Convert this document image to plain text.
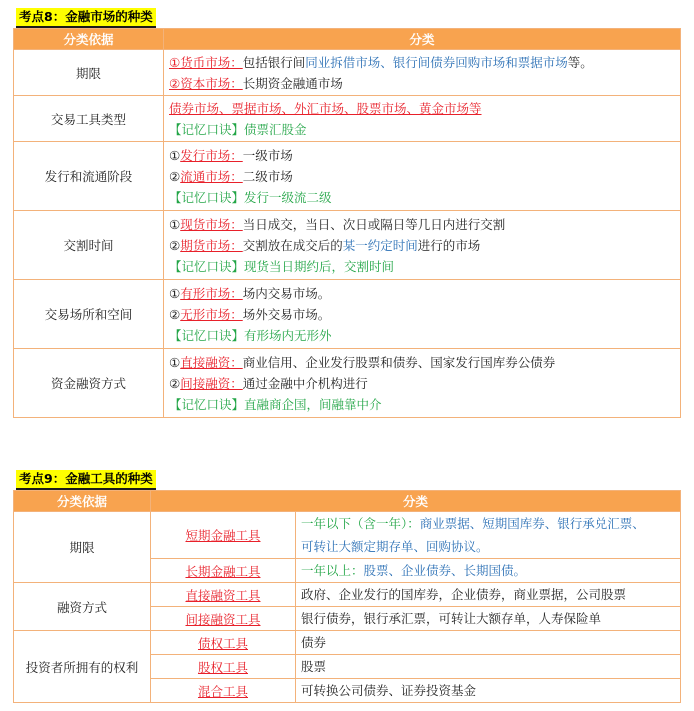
考点8：金融市场的种类
分类依据	分类
期限	①货币市场：包括银行间同业拆借市场、银行间债券回购市场和票据市场等。
②资本市场：长期资金融通市场

交易工具类型	债券市场、票据市场、外汇市场、股票市场、黄金市场等
【记忆口诀】债票汇股金

发行和流通阶段	①发行市场：一级市场
②流通市场：二级市场
【记忆口诀】发行一级流二级

交割时间	①现货市场：当日成交，当日、次日或隔日等几日内进行交割
②期货市场：交割放在成交后的某一约定时间进行的市场
【记忆口诀】现货当日期约后，交割时间

交易场所和空间	①有形市场：场内交易市场。
②无形市场：场外交易市场。
【记忆口诀】有形场内无形外

资金融资方式	①直接融资：商业信用、企业发行股票和债券、国家发行国库券公债券
②间接融资：通过金融中介机构进行
【记忆口诀】直融商企国，间融靠中介
考点9：金融工具的种类
分类依据	分类	
期限	短期金融工具	一年以下（含一年）：商业票据、短期国库券、银行承兑汇票、
可转让大额定期存单、回购协议。

	长期金融工具	一年以上：股票、企业债券、长期国债。

融资方式	直接融资工具	政府、企业发行的国库券，企业债券，商业票据，公司股票

	间接融资工具	银行债券，银行承汇票，可转让大额存单，人寿保险单

投资者所拥有的权利	债权工具	债券

	股权工具	股票

	混合工具	可转换公司债券、证券投资基金
